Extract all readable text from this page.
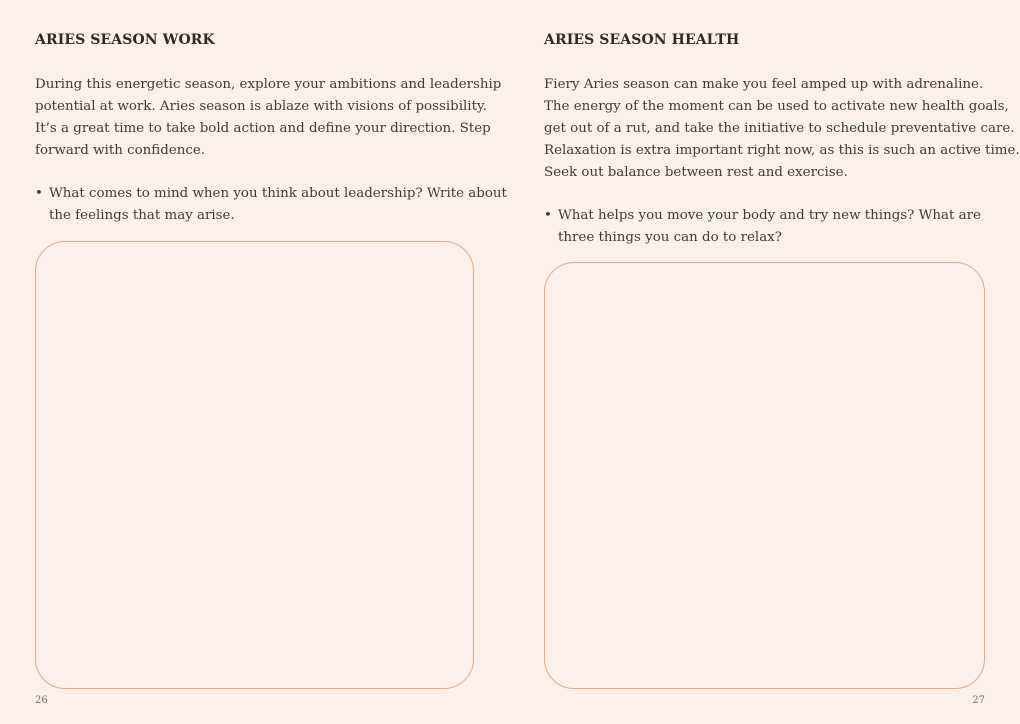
ARIES SEASON WORK
During this energetic season, explore your ambitions and leadership
potential at work. Aries season is ablaze with visions of possibility.
It’s a great time to take bold action and define your direction. Step
forward with confidence.
• What comes to mind when you think about leadership? Write about
the feelings that may arise.
ARIES SEASON HEALTH
Fiery Aries season can make you feel amped up with adrenaline.
The energy of the moment can be used to activate new health goals,
get out of a rut, and take the initiative to schedule preventative care.
Relaxation is extra important right now, as this is such an active time.
Seek out balance between rest and exercise.
• What helps you move your body and try new things? What are
three things you can do to relax?
26	27
